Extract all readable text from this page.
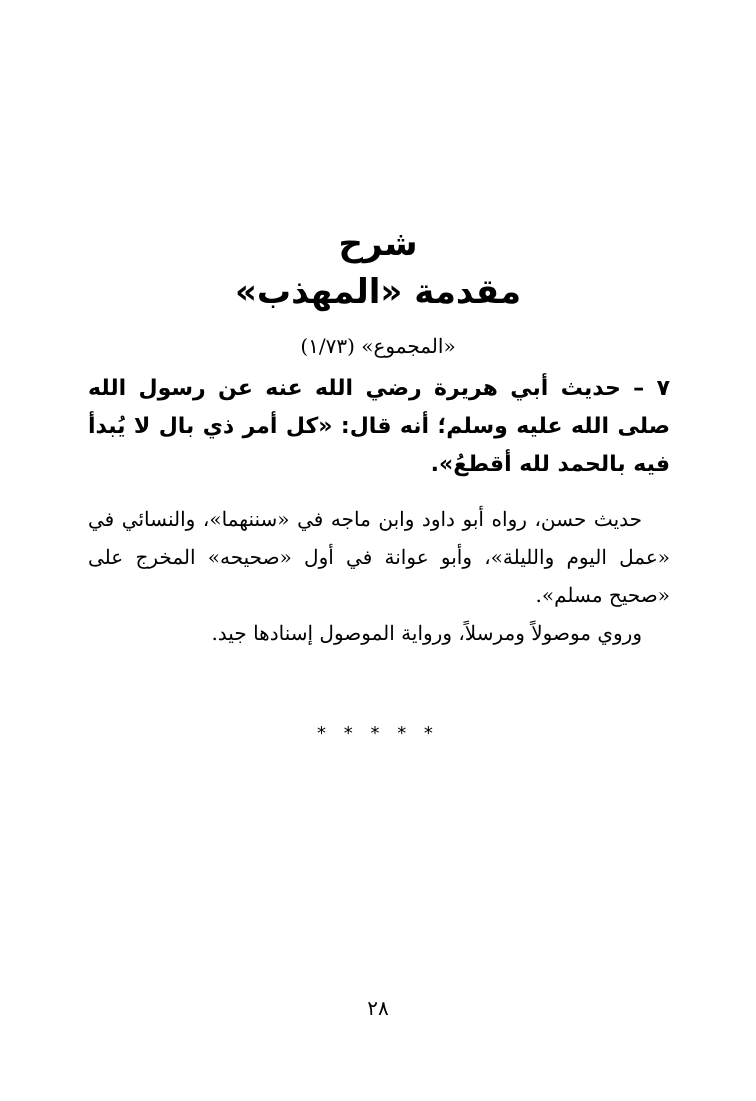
شرح
مقدمة «المهذب»
«المجموع» (١/٧٣)
٧ – حديث أبي هريرة رضي الله عنه عن رسول الله صلى الله عليه وسلم؛ أنه قال: «كل أمر ذي بال لا يُبدأ فيه بالحمد لله أقطعُ».

حديث حسن، رواه أبو داود وابن ماجه في «سننهما»، والنسائي في «عمل اليوم والليلة»، وأبو عوانة في أول «صحيحه» المخرج على «صحيح مسلم».

وروي موصولاً ومرسلاً، ورواية الموصول إسنادها جيد.

* * * * *
٢٨
